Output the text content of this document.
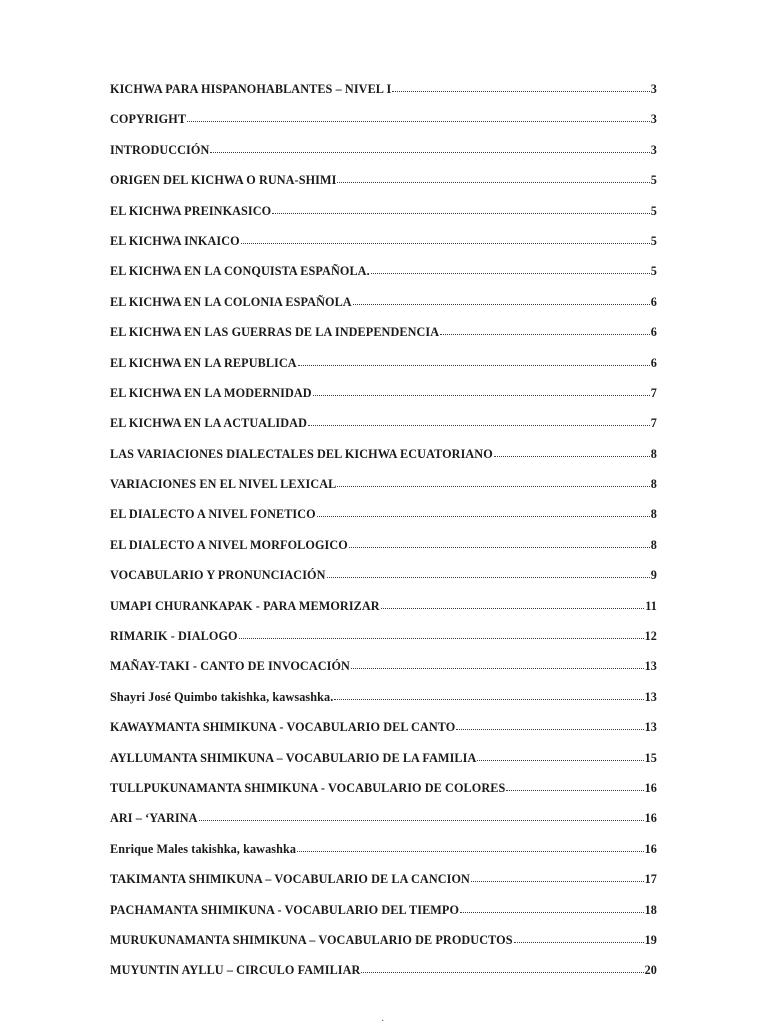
KICHWA PARA HISPANOHABLANTES – NIVEL I	3
COPYRIGHT	3
INTRODUCCIÓN	3
ORIGEN DEL KICHWA O RUNA-SHIMI	5
EL KICHWA PREINKASICO	5
EL KICHWA INKAICO	5
EL KICHWA EN LA CONQUISTA ESPAÑOLA.	5
EL KICHWA EN LA COLONIA ESPAÑOLA	6
EL KICHWA EN LAS GUERRAS DE LA INDEPENDENCIA	6
EL KICHWA EN LA REPUBLICA	6
EL KICHWA EN LA MODERNIDAD	7
EL KICHWA EN LA ACTUALIDAD	7
LAS VARIACIONES DIALECTALES DEL KICHWA ECUATORIANO	8
VARIACIONES EN EL NIVEL LEXICAL	8
EL DIALECTO A NIVEL FONETICO	8
EL DIALECTO A NIVEL MORFOLOGICO	8
VOCABULARIO Y PRONUNCIACIÓN	9
UMAPI CHURANKAPAK - PARA MEMORIZAR	11
RIMARIK - DIALOGO	12
MAÑAY-TAKI - CANTO DE INVOCACIÓN	13
Shayri José Quimbo takishka, kawsashka.	13
KAWAYMANTA SHIMIKUNA - VOCABULARIO DEL CANTO	13
AYLLUMANTA SHIMIKUNA – VOCABULARIO DE LA FAMILIA	15
TULLPUKUNAMANTA SHIMIKUNA - VOCABULARIO DE COLORES	16
ARI – ‘YARINA	16
Enrique Males takishka, kawashka	16
TAKIMANTA SHIMIKUNA – VOCABULARIO DE LA CANCION	17
PACHAMANTA SHIMIKUNA - VOCABULARIO DEL TIEMPO	18
MURUKUNAMANTA SHIMIKUNA – VOCABULARIO DE PRODUCTOS	19
MUYUNTIN AYLLU – CIRCULO FAMILIAR	20
·
